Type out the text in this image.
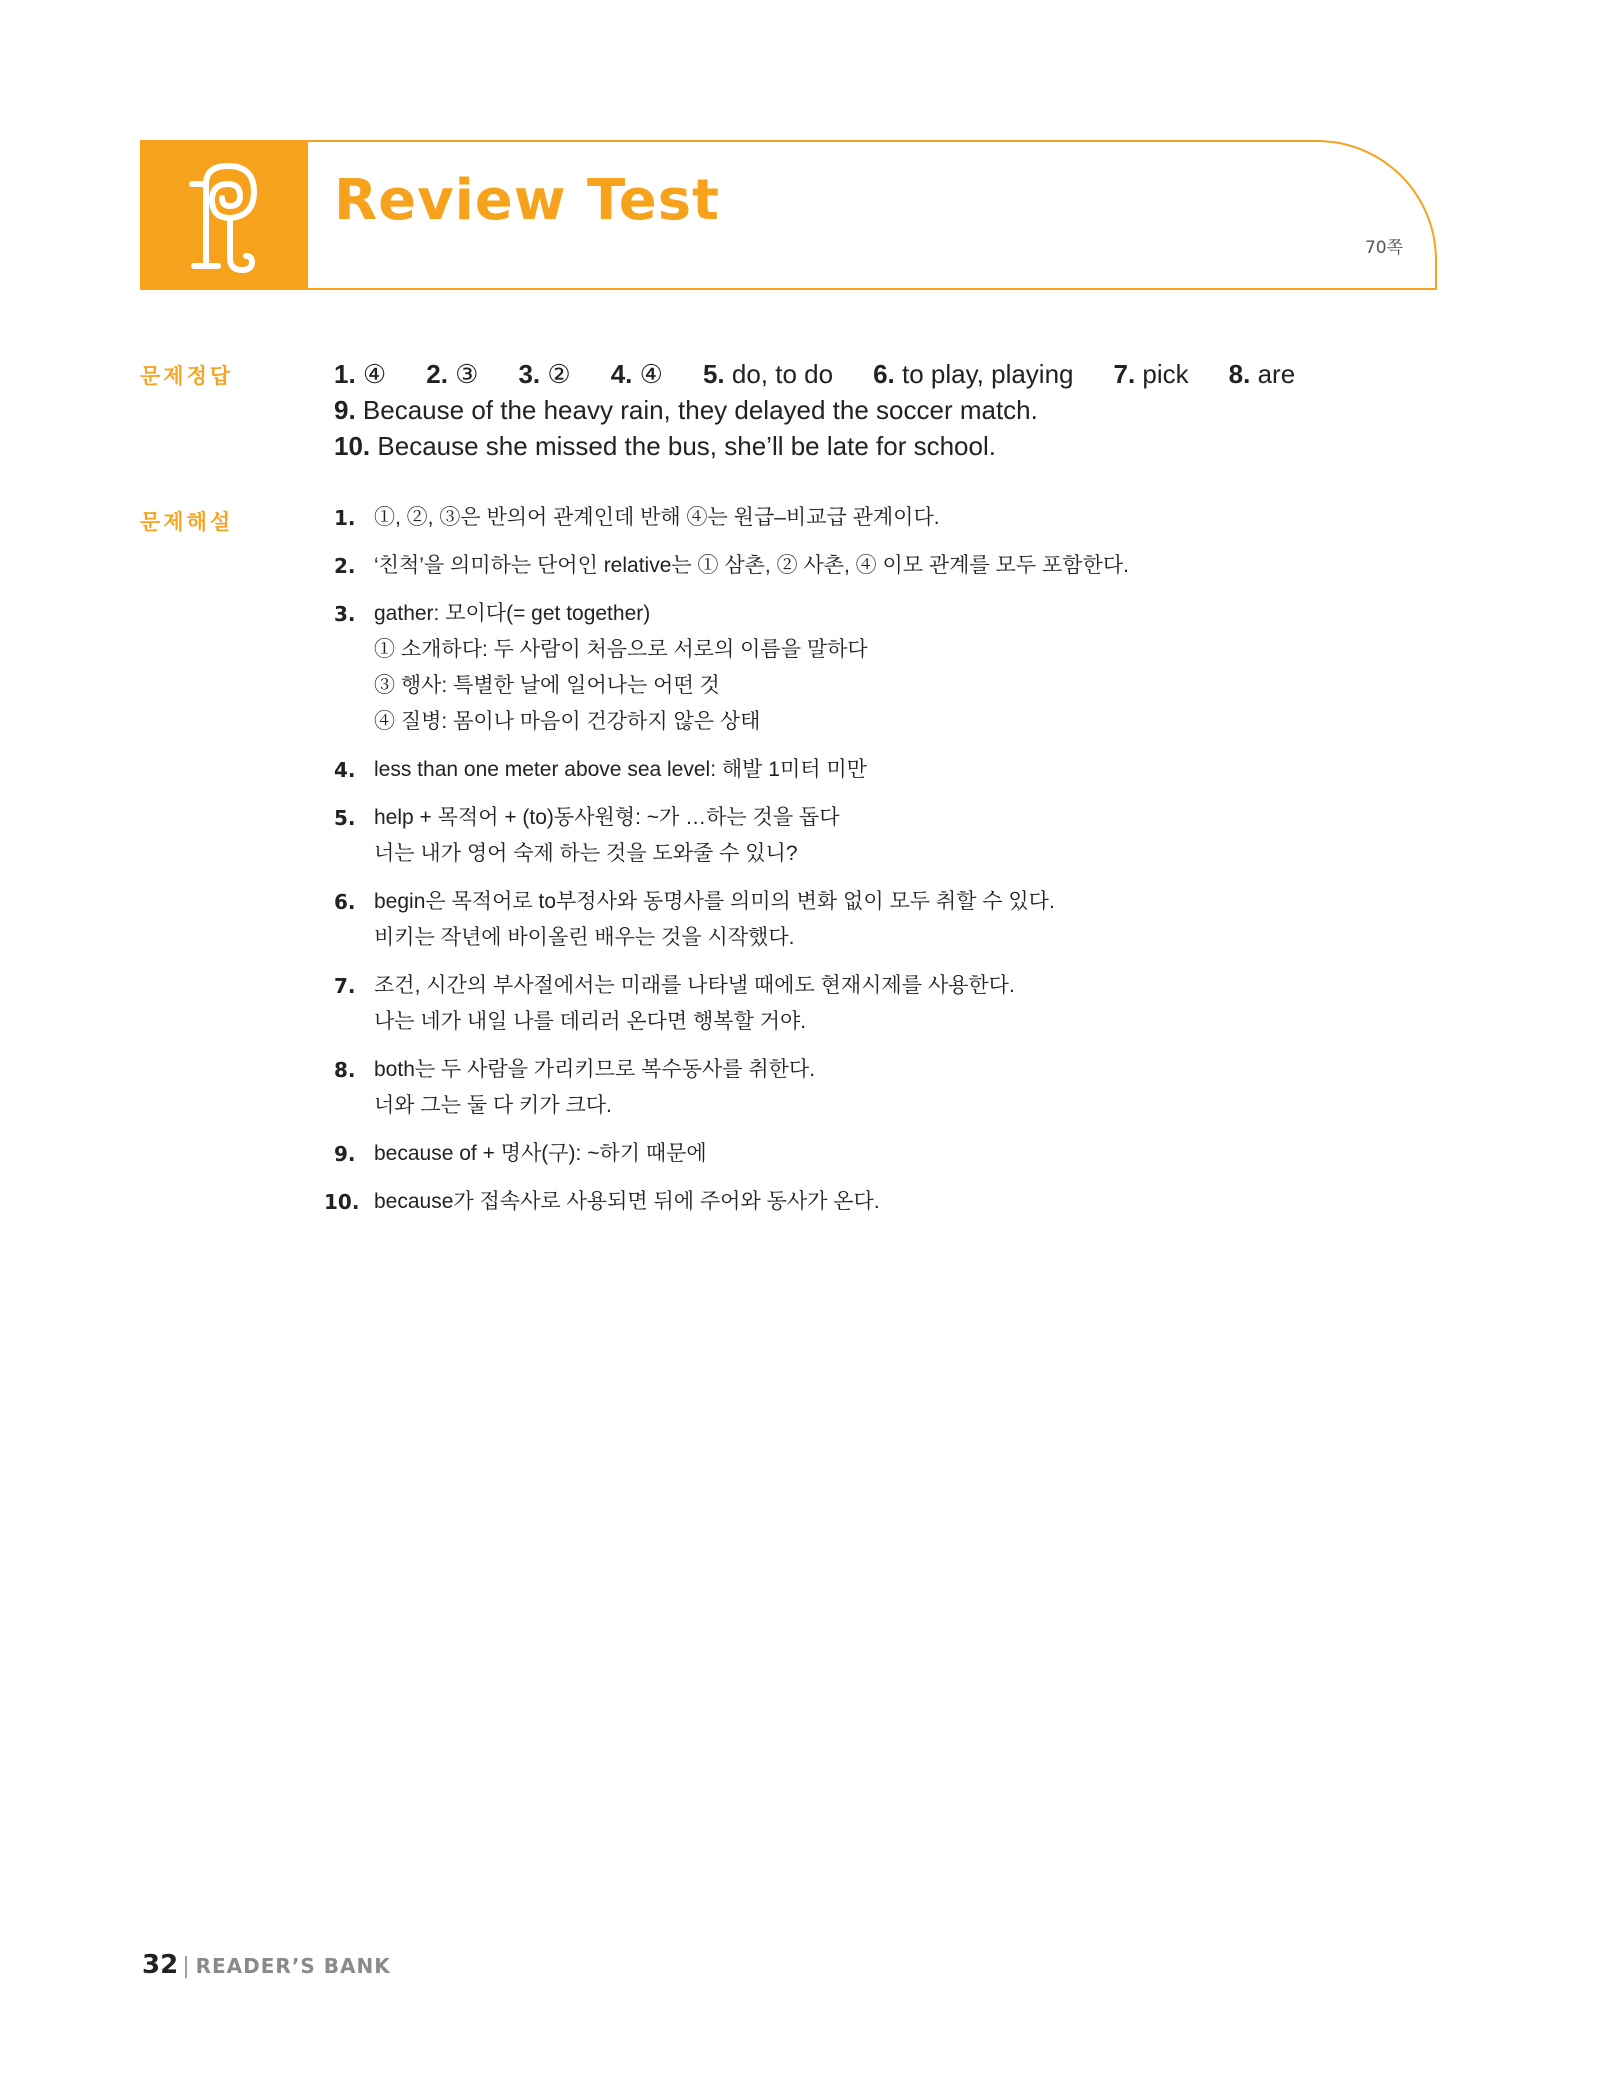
Review Test
70쪽
문제정답	1. ④ 2. ③ 3. ② 4. ④ 5. do, to do 6. to play, playing 7. pick 8. are
9. Because of the heavy rain, they delayed the soccer match.
10. Because she missed the bus, she’ll be late for school.
문제해설	1. ①, ②, ③은 반의어 관계인데 반해 ④는 원급–비교급 관계이다.
2. ‘친척’을 의미하는 단어인 relative는 ① 삼촌, ② 사촌, ④ 이모 관계를 모두 포함한다.
3. gather: 모이다(= get together)
① 소개하다: 두 사람이 처음으로 서로의 이름을 말하다
③ 행사: 특별한 날에 일어나는 어떤 것
④ 질병: 몸이나 마음이 건강하지 않은 상태
4. less than one meter above sea level: 해발 1미터 미만
5. help + 목적어 + (to)동사원형: ~가 …하는 것을 돕다
너는 내가 영어 숙제 하는 것을 도와줄 수 있니?
6. begin은 목적어로 to부정사와 동명사를 의미의 변화 없이 모두 취할 수 있다.
비키는 작년에 바이올린 배우는 것을 시작했다.
7. 조건, 시간의 부사절에서는 미래를 나타낼 때에도 현재시제를 사용한다.
나는 네가 내일 나를 데리러 온다면 행복할 거야.
8. both는 두 사람을 가리키므로 복수동사를 취한다.
너와 그는 둘 다 키가 크다.
9. because of + 명사(구): ~하기 때문에
10. because가 접속사로 사용되면 뒤에 주어와 동사가 온다.
32 | READER’S BANK
